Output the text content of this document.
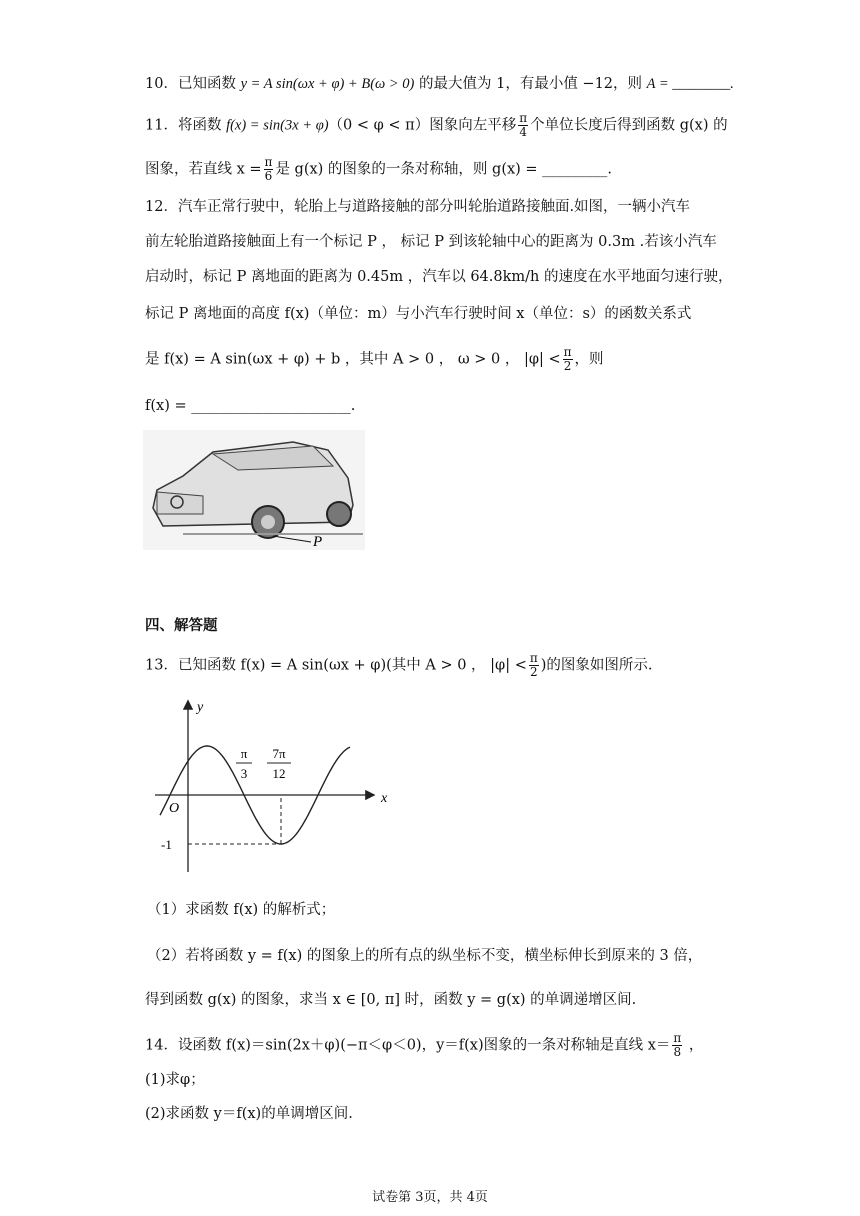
10．已知函数 y = A sin(ωx + φ) + B(ω > 0) 的最大值为 1，有最小值 −12，则 A = ________.
11．将函数 f(x) = sin(3x + φ)（0 < φ < π）图象向左平移 $\frac{\pi}{4}$ 个单位长度后得到函数 g(x) 的
图象，若直线 $x = \frac{\pi}{6}$ 是 g(x) 的图象的一条对称轴，则 g(x) = _________.
12．汽车正常行驶中，轮胎上与道路接触的部分叫轮胎道路接触面.如图，一辆小汽车
前左轮胎道路接触面上有一个标记 P ， 标记 P 到该轮轴中心的距离为 0.3m .若该小汽车
启动时，标记 P 离地面的距离为 0.45m ，汽车以 64.8km/h 的速度在水平地面匀速行驶，
标记 P 离地面的高度 f(x)（单位：m）与小汽车行驶时间 x（单位：s）的函数关系式
是 f(x) = A sin(ωx + φ) + b ，其中 A > 0 ， ω > 0 ， $|\varphi| < \frac{\pi}{2}$ ，则
f(x) = ______________________.
P
四、解答题
13．已知函数 f(x) = A sin(ωx + φ)(其中 A > 0 ， $|\varphi| < \frac{\pi}{2}$ )的图象如图所示.
y
x
O
π
3
7π
12
-1
（1）求函数 f(x) 的解析式；
（2）若将函数 y = f(x) 的图象上的所有点的纵坐标不变，横坐标伸长到原来的 3 倍，
得到函数 g(x) 的图象，求当 x ∈ [0, π] 时，函数 y = g(x) 的单调递增区间.
14．设函数 f(x)＝sin(2x＋φ)(−π＜φ＜0)，y＝f(x)图象的一条对称轴是直线 $x= \frac{\pi}{8}$ ，
(1)求φ；
(2)求函数 y＝f(x)的单调增区间.
试卷第 3页，共 4页
